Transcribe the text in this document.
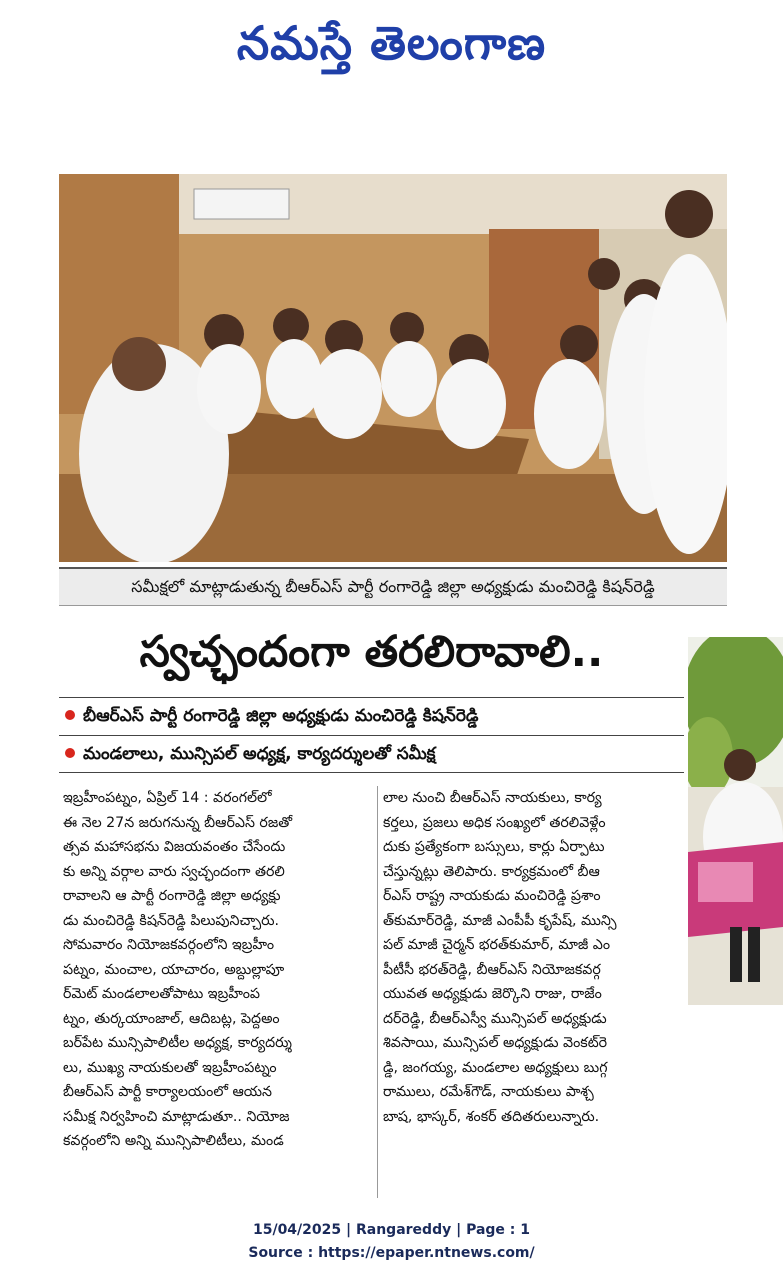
నమస్తే తెలంగాణ
సమీక్షలో మాట్లాడుతున్న బీఆర్ఎస్ పార్టీ రంగారెడ్డి జిల్లా అధ్యక్షుడు మంచిరెడ్డి కిషన్‌రెడ్డి
స్వచ్ఛందంగా తరలిరావాలి..
బీఆర్ఎస్ పార్టీ రంగారెడ్డి జిల్లా అధ్యక్షుడు మంచిరెడ్డి కిషన్‌రెడ్డి
మండలాలు, మున్సిపల్ అధ్యక్ష, కార్యదర్శులతో సమీక్ష
ఇబ్రహీంపట్నం, ఏప్రిల్ 14 : వరంగల్‌లో
ఈ నెల 27న జరుగనున్న బీఆర్ఎస్ రజతో
త్సవ మహాసభను విజయవంతం చేసేందు
కు అన్ని వర్గాల వారు స్వచ్ఛందంగా తరలి
రావాలని ఆ పార్టీ రంగారెడ్డి జిల్లా అధ్యక్షు
డు మంచిరెడ్డి కిషన్‌రెడ్డి పిలుపునిచ్చారు.
సోమవారం నియోజకవర్గంలోని ఇబ్రహీం
పట్నం, మంచాల, యాచారం, అబ్దుల్లాపూ
ర్‌మెట్ మండలాలతోపాటు ఇబ్రహీంప
ట్నం, తుర్కయాంజాల్, ఆదిబట్ల, పెద్దఅం
బర్‌పేట మున్సిపాలిటీల అధ్యక్ష, కార్యదర్శు
లు, ముఖ్య నాయకులతో ఇబ్రహీంపట్నం
బీఆర్ఎస్ పార్టీ కార్యాలయంలో ఆయన
సమీక్ష నిర్వహించి మాట్లాడుతూ.. నియోజ
కవర్గంలోని అన్ని మున్సిపాలిటీలు, మండ
లాల నుంచి బీఆర్ఎస్ నాయకులు, కార్య
కర్తలు, ప్రజలు అధిక సంఖ్యలో తరలివెళ్లేం
దుకు ప్రత్యేకంగా బస్సులు, కార్లు ఏర్పాటు
చేస్తున్నట్లు తెలిపారు. కార్యక్రమంలో బీఆ
ర్ఎస్ రాష్ట్ర నాయకుడు మంచిరెడ్డి ప్రశాం
త్‌కుమార్‌రెడ్డి, మాజీ ఎంపీపీ కృపేష్, మున్సి
పల్ మాజీ చైర్మన్ భరత్‌కుమార్, మాజీ ఎం
పీటీసీ భరత్‌రెడ్డి, బీఆర్ఎస్ నియోజకవర్గ
యువత అధ్యక్షుడు జెర్కొని రాజు, రాజేం
దర్‌రెడ్డి, బీఆర్ఎస్వీ మున్సిపల్ అధ్యక్షుడు
శివసాయి, మున్సిపల్ అధ్యక్షుడు వెంకట్‌రె
డ్డి, జంగయ్య, మండలాల అధ్యక్షులు బుగ్గ
రాములు, రమేశ్‌గౌడ్, నాయకులు పాశ్చ
బాష, భాస్కర్, శంకర్ తదితరులున్నారు.
15/04/2025 | Rangareddy | Page : 1
Source : https://epaper.ntnews.com/
